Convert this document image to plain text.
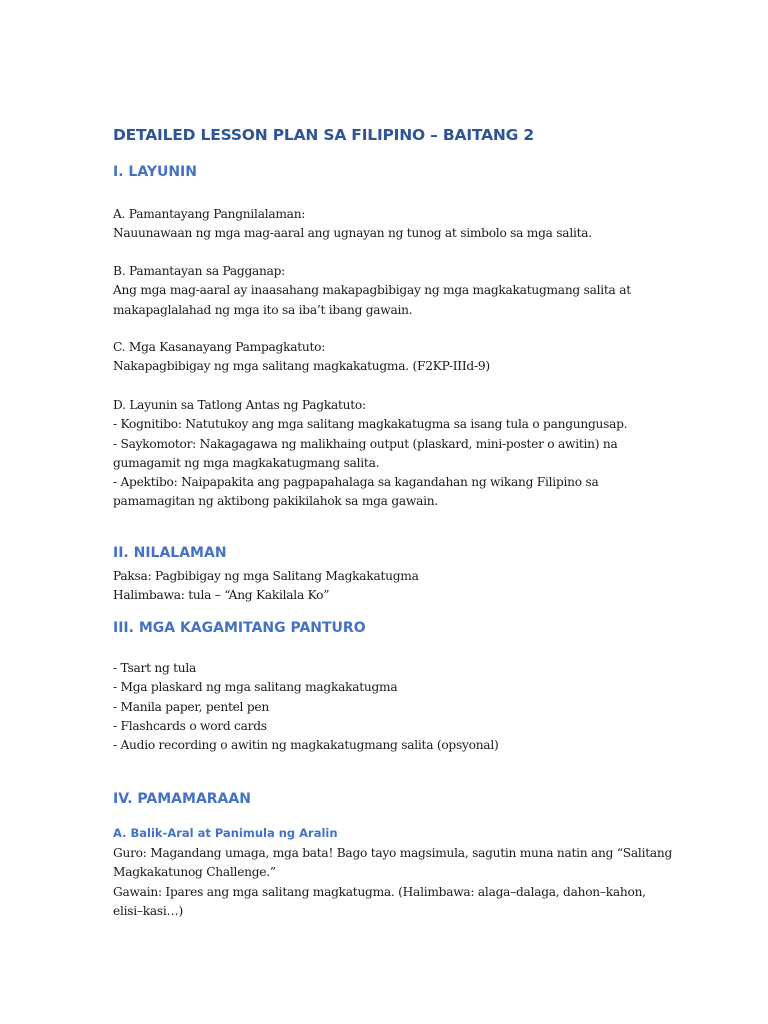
DETAILED LESSON PLAN SA FILIPINO – BAITANG 2
I. LAYUNIN
A. Pamantayang Pangnilalaman:
Nauunawaan ng mga mag-aaral ang ugnayan ng tunog at simbolo sa mga salita.
B. Pamantayan sa Pagganap:
Ang mga mag-aaral ay inaasahang makapagbibigay ng mga magkakatugmang salita at
makapaglalahad ng mga ito sa iba’t ibang gawain.
C. Mga Kasanayang Pampagkatuto:
Nakapagbibigay ng mga salitang magkakatugma. (F2KP-IIId-9)
D. Layunin sa Tatlong Antas ng Pagkatuto:
- Kognitibo: Natutukoy ang mga salitang magkakatugma sa isang tula o pangungusap.
- Saykomotor: Nakagagawa ng malikhaing output (plaskard, mini-poster o awitin) na
gumagamit ng mga magkakatugmang salita.
- Apektibo: Naipapakita ang pagpapahalaga sa kagandahan ng wikang Filipino sa
pamamagitan ng aktibong pakikilahok sa mga gawain.
II. NILALAMAN
Paksa: Pagbibigay ng mga Salitang Magkakatugma
Halimbawa: tula – “Ang Kakilala Ko”
III. MGA KAGAMITANG PANTURO
- Tsart ng tula
- Mga plaskard ng mga salitang magkakatugma
- Manila paper, pentel pen
- Flashcards o word cards
- Audio recording o awitin ng magkakatugmang salita (opsyonal)
IV. PAMAMARAAN
A. Balik-Aral at Panimula ng Aralin
Guro: Magandang umaga, mga bata! Bago tayo magsimula, sagutin muna natin ang “Salitang
Magkakatunog Challenge.”
Gawain: Ipares ang mga salitang magkatugma. (Halimbawa: alaga–dalaga, dahon–kahon,
elisi–kasi…)
